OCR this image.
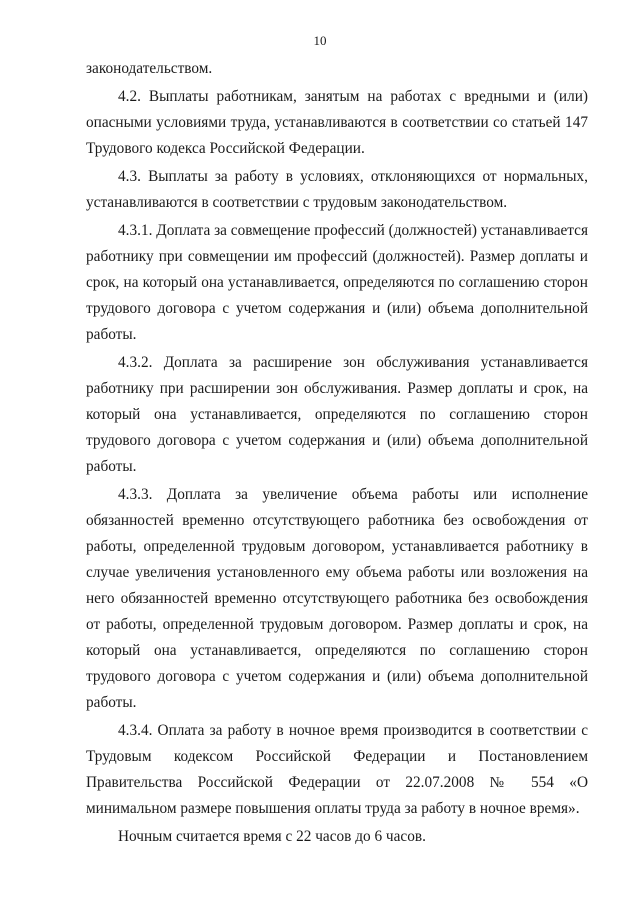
10

законодательством.

4.2. Выплаты работникам, занятым на работах с вредными и (или) опасными условиями труда, устанавливаются в соответствии со статьей 147 Трудового кодекса Российской Федерации.

4.3. Выплаты за работу в условиях, отклоняющихся от нормальных, устанавливаются в соответствии с трудовым законодательством.

4.3.1. Доплата за совмещение профессий (должностей) устанавливается работнику при совмещении им профессий (должностей). Размер доплаты и срок, на который она устанавливается, определяются по соглашению сторон трудового договора с учетом содержания и (или) объема дополнительной работы.

4.3.2. Доплата за расширение зон обслуживания устанавливается работнику при расширении зон обслуживания. Размер доплаты и срок, на который она устанавливается, определяются по соглашению сторон трудового договора с учетом содержания и (или) объема дополнительной работы.

4.3.3. Доплата за увеличение объема работы или исполнение обязанностей временно отсутствующего работника без освобождения от работы, определенной трудовым договором, устанавливается работнику в случае увеличения установленного ему объема работы или возложения на него обязанностей временно отсутствующего работника без освобождения от работы, определенной трудовым договором. Размер доплаты и срок, на который она устанавливается, определяются по соглашению сторон трудового договора с учетом содержания и (или) объема дополнительной работы.

4.3.4. Оплата за работу в ночное время производится в соответствии с Трудовым кодексом Российской Федерации и Постановлением Правительства Российской Федерации от 22.07.2008 № 554 «О минимальном размере повышения оплаты труда за работу в ночное время».

Ночным считается время с 22 часов до 6 часов.
